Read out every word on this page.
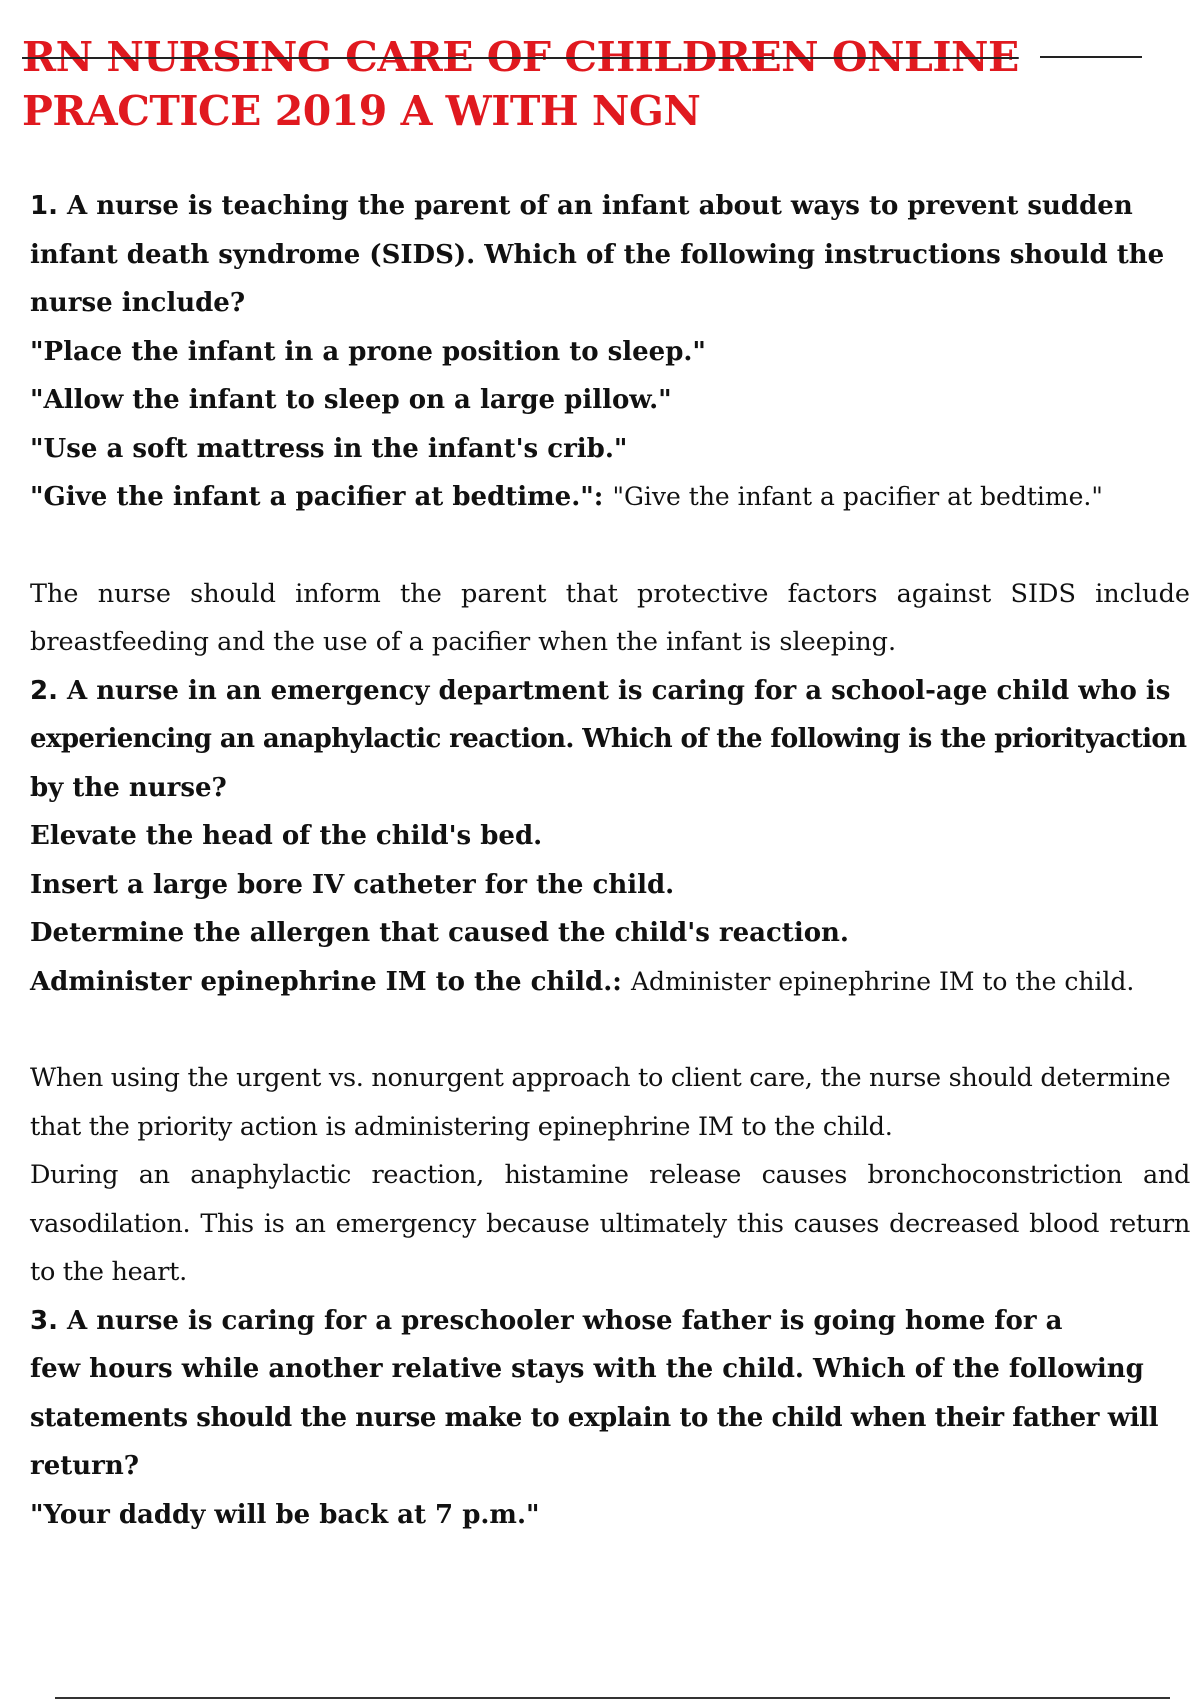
RN NURSING CARE OF CHILDREN ONLINE
PRACTICE 2019 A WITH NGN
1. A nurse is teaching the parent of an infant about ways to prevent sudden
infant death syndrome (SIDS). Which of the following instructions should the
nurse include?
"Place the infant in a prone position to sleep."
"Allow the infant to sleep on a large pillow."
"Use a soft mattress in the infant's crib."
"Give the infant a pacifier at bedtime.": "Give the infant a pacifier at bedtime."
The nurse should inform the parent that protective factors against SIDS include breastfeeding and the use of a pacifier when the infant is sleeping.
2. A nurse in an emergency department is caring for a school-age child who is
experiencing an anaphylactic reaction. Which of the following is the priorityaction
by the nurse?
Elevate the head of the child's bed.
Insert a large bore IV catheter for the child.
Determine the allergen that caused the child's reaction.
Administer epinephrine IM to the child.: Administer epinephrine IM to the child.
When using the urgent vs. nonurgent approach to client care, the nurse should determine that the priority action is administering epinephrine IM to the child.
During an anaphylactic reaction, histamine release causes bronchoconstriction and vasodilation. This is an emergency because ultimately this causes decreased blood return to the heart.
3. A nurse is caring for a preschooler whose father is going home for a
few hours while another relative stays with the child. Which of the following
statements should the nurse make to explain to the child when their father will
return?
"Your daddy will be back at 7 p.m."
